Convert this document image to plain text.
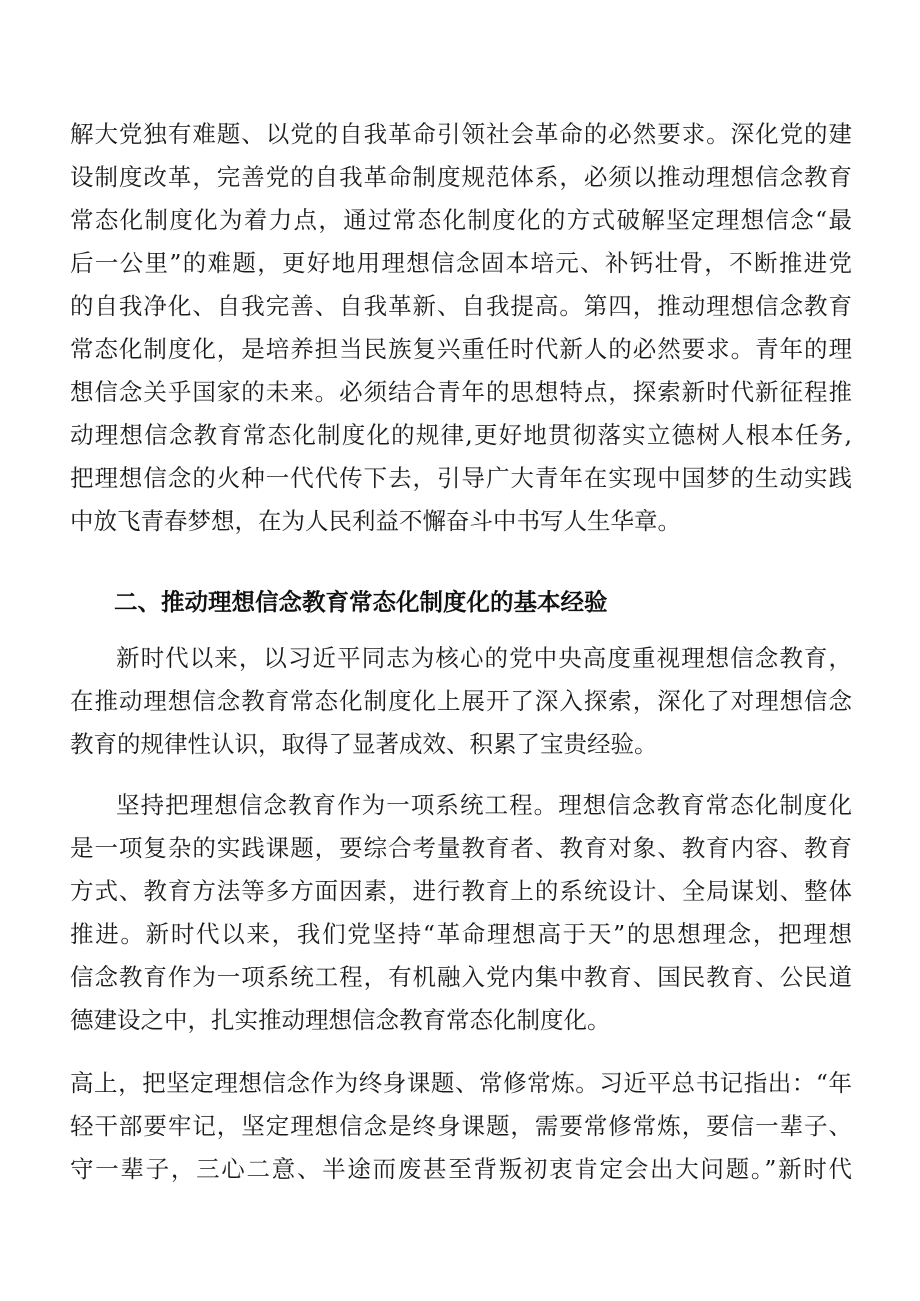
解大党独有难题、以党的自我革命引领社会革命的必然要求。深化党的建
设制度改革，完善党的自我革命制度规范体系，必须以推动理想信念教育
常态化制度化为着力点，通过常态化制度化的方式破解坚定理想信念“最
后一公里”的难题，更好地用理想信念固本培元、补钙壮骨，不断推进党
的自我净化、自我完善、自我革新、自我提高。第四，推动理想信念教育
常态化制度化，是培养担当民族复兴重任时代新人的必然要求。青年的理
想信念关乎国家的未来。必须结合青年的思想特点，探索新时代新征程推
动理想信念教育常态化制度化的规律,更好地贯彻落实立德树人根本任务,
把理想信念的火种一代代传下去，引导广大青年在实现中国梦的生动实践
中放飞青春梦想，在为人民利益不懈奋斗中书写人生华章。
二、推动理想信念教育常态化制度化的基本经验
新时代以来，以习近平同志为核心的党中央高度重视理想信念教育，
在推动理想信念教育常态化制度化上展开了深入探索，深化了对理想信念
教育的规律性认识，取得了显著成效、积累了宝贵经验。
坚持把理想信念教育作为一项系统工程。理想信念教育常态化制度化
是一项复杂的实践课题，要综合考量教育者、教育对象、教育内容、教育
方式、教育方法等多方面因素，进行教育上的系统设计、全局谋划、整体
推进。新时代以来，我们党坚持“革命理想高于天”的思想理念，把理想
信念教育作为一项系统工程，有机融入党内集中教育、国民教育、公民道
德建设之中，扎实推动理想信念教育常态化制度化。
高上，把坚定理想信念作为终身课题、常修常炼。习近平总书记指出：“年
轻干部要牢记，坚定理想信念是终身课题，需要常修常炼，要信一辈子、
守一辈子，三心二意、半途而废甚至背叛初衷肯定会出大问题。”新时代
